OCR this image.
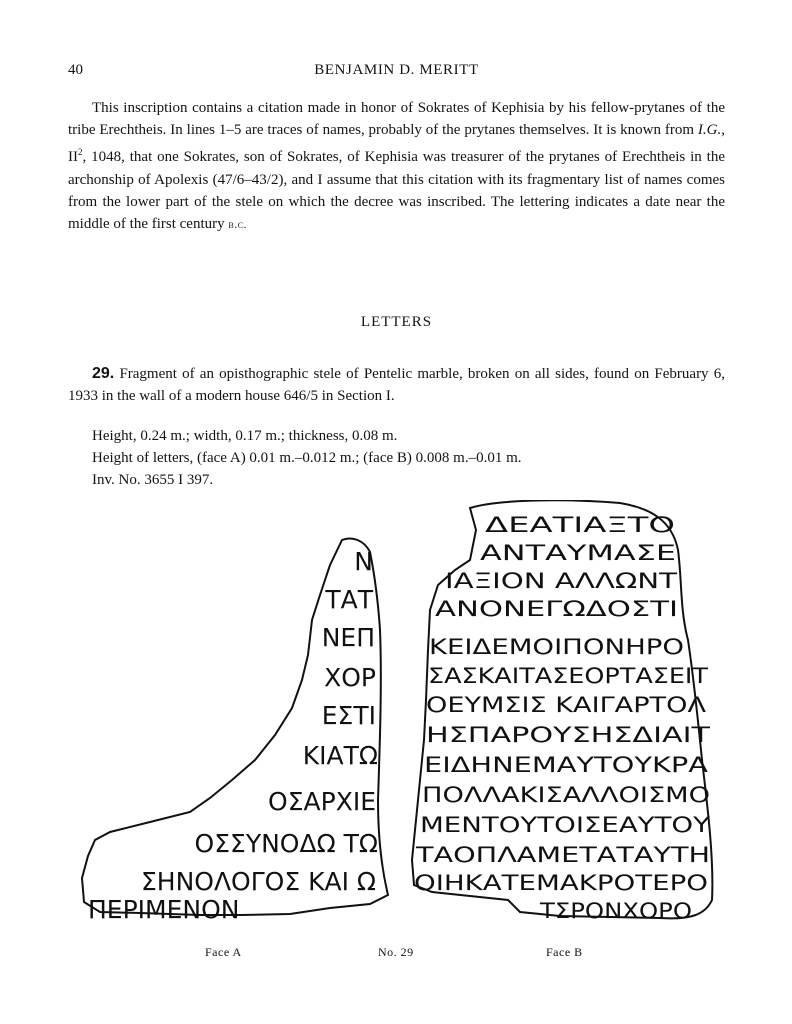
40	BENJAMIN D. MERITT

This inscription contains a citation made in honor of Sokrates of Kephisia by his fellow-prytanes of the tribe Erechtheis. In lines 1–5 are traces of names, probably of the prytanes themselves. It is known from I.G., $II^2$, 1048, that one Sokrates, son of Sokrates, of Kephisia was treasurer of the prytanes of Erechtheis in the archonship of Apolexis (47/6–43/2), and I assume that this citation with its fragmentary list of names comes from the lower part of the stele on which the decree was inscribed. The lettering indicates a date near the middle of the first century b.c.

LETTERS

29. Fragment of an opisthographic stele of Pentelic marble, broken on all sides, found on February 6, 1933 in the wall of a modern house 646/5 in Section Ι.

Height, 0.24 m.; width, 0.17 m.; thickness, 0.08 m.
Height of letters, (face A) 0.01 m.–0.012 m.; (face B) 0.008 m.–0.01 m.
Inv. No. 3655 I 397.
Ν
ΤΑΤ
ΝΕΠ
ΧΟΡ
ΕΣΤΙ
ΚΙΑΤΩ
ΟΣΑΡΧΙΕ
ΟΣΣΥΝΟΔΩ ΤΩ
ΣΗΝΟΛΟΓΟΣ ΚΑΙ Ω
ΠΕΡΙΜΕΝΟΝ
ΔΕΑΤΙΑΞΤΟ
ΑΝΤΑΥΜΑΣΕ
ΙΑΞΙΟΝ ΑΛΛΩΝΤ
ΑΝΟΝΕΓΩΔΟΣΤΙ
ΚΕΙΔΕΜΟΙΠΟΝΗΡΟ
ΣΑΣΚΑΙΤΑΣΕΟΡΤΑΣΕΙΤ
ΟΕΥΜΣΙΣ ΚΑΙΓΑΡΤΟΛ
ΗΣΠΑΡΟΥΣΗΣΔΙΑΙΤ
ΕΙΔΗΝΕΜΑΥΤΟΥΚΡΑ
ΠΟΛΛΑΚΙΣΑΛΛΟΙΣΜΟ
ΜΕΝΤΟΥΤΟΙΣΕΑΥΤΟΥ
ΤΑΟΠΛΑΜΕΤΑΤΑΥΤΗ
ΟΙΗΚΑΤΕΜΑΚΡΟΤΕΡΟ
ΤΣΡΟΝΧΟΡΟ
Face A	No. 29	Face B
